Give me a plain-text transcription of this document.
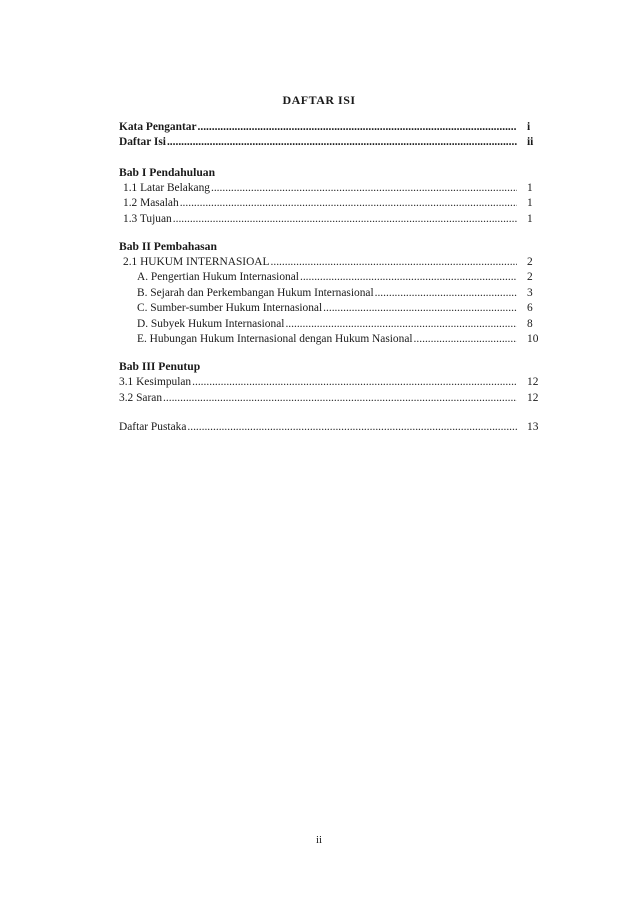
DAFTAR ISI
Kata Pengantar .....	i
Daftar Isi .....	ii
Bab I Pendahuluan
1.1 Latar Belakang .....	1
1.2 Masalah .....	1
1.3 Tujuan .....	1
Bab II Pembahasan
2.1 HUKUM INTERNASIOAL .....	2
A. Pengertian Hukum Internasional .....	2
B. Sejarah dan Perkembangan Hukum Internasional .....	3
C. Sumber-sumber Hukum Internasional .....	6
D. Subyek Hukum Internasional .....	8
E. Hubungan Hukum Internasional dengan Hukum Nasional .....	10
Bab III Penutup
3.1 Kesimpulan .....	12
3.2 Saran .....	12
Daftar Pustaka .....	13
ii
